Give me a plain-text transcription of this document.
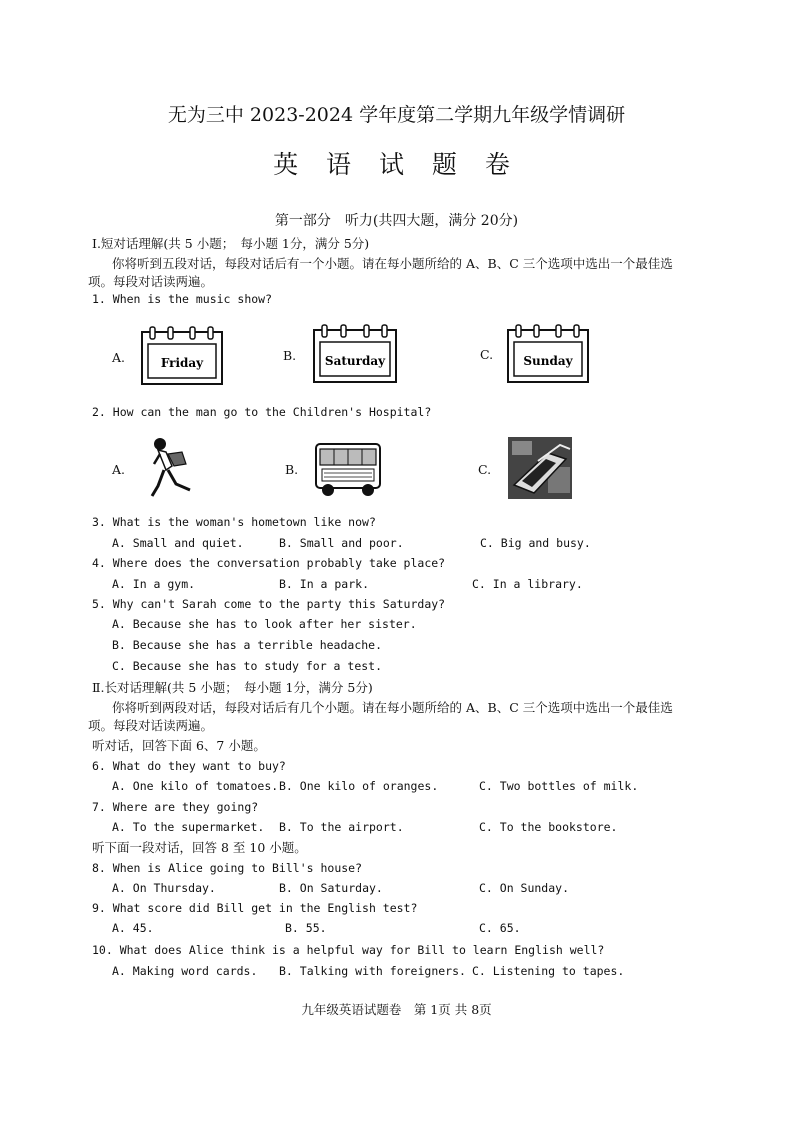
无为三中 2023-2024 学年度第二学期九年级学情调研
英 语 试 题 卷
第一部分　听力(共四大题，满分 20分)
Ⅰ.短对话理解(共 5 小题；　每小题 1分，满分 5分)
你将听到五段对话，每段对话后有一个小题。请在每小题所给的 A、B、C 三个选项中选出一个最佳选
项。每段对话读两遍。
1. When is the music show?
A.	Friday	B. Saturday	C.	Sunday
2. How can the man go to the Children's Hospital?
A.	B.	C.
3. What is the woman's hometown like now?
A. Small and quiet.	B. Small and poor.	C. Big and busy.
4. Where does the conversation probably take place?
A. In a gym.	B. In a park.	C. In a library.
5. Why can't Sarah come to the party this Saturday?
A. Because she has to look after her sister.
B. Because she has a terrible headache.
C. Because she has to study for a test.
Ⅱ.长对话理解(共 5 小题；　每小题 1分，满分 5分)
你将听到两段对话，每段对话后有几个小题。请在每小题所给的 A、B、C 三个选项中选出一个最佳选
项。每段对话读两遍。
听对话，回答下面 6、7 小题。
6. What do they want to buy?
A. One kilo of tomatoes. B. One kilo of oranges.	C. Two bottles of milk.
7. Where are they going?
A. To the supermarket. B. To the airport.	C. To the bookstore.
听下面一段对话，回答 8 至 10 小题。
8. When is Alice going to Bill's house?
A. On Thursday.	B. On Saturday.	C. On Sunday.
9. What score did Bill get in the English test?
A. 45.	B. 55.	C. 65.
10. What does Alice think is a helpful way for Bill to learn English well?
A. Making word cards. B. Talking with foreigners. C. Listening to tapes.
九年级英语试题卷　第 1页 共 8页
